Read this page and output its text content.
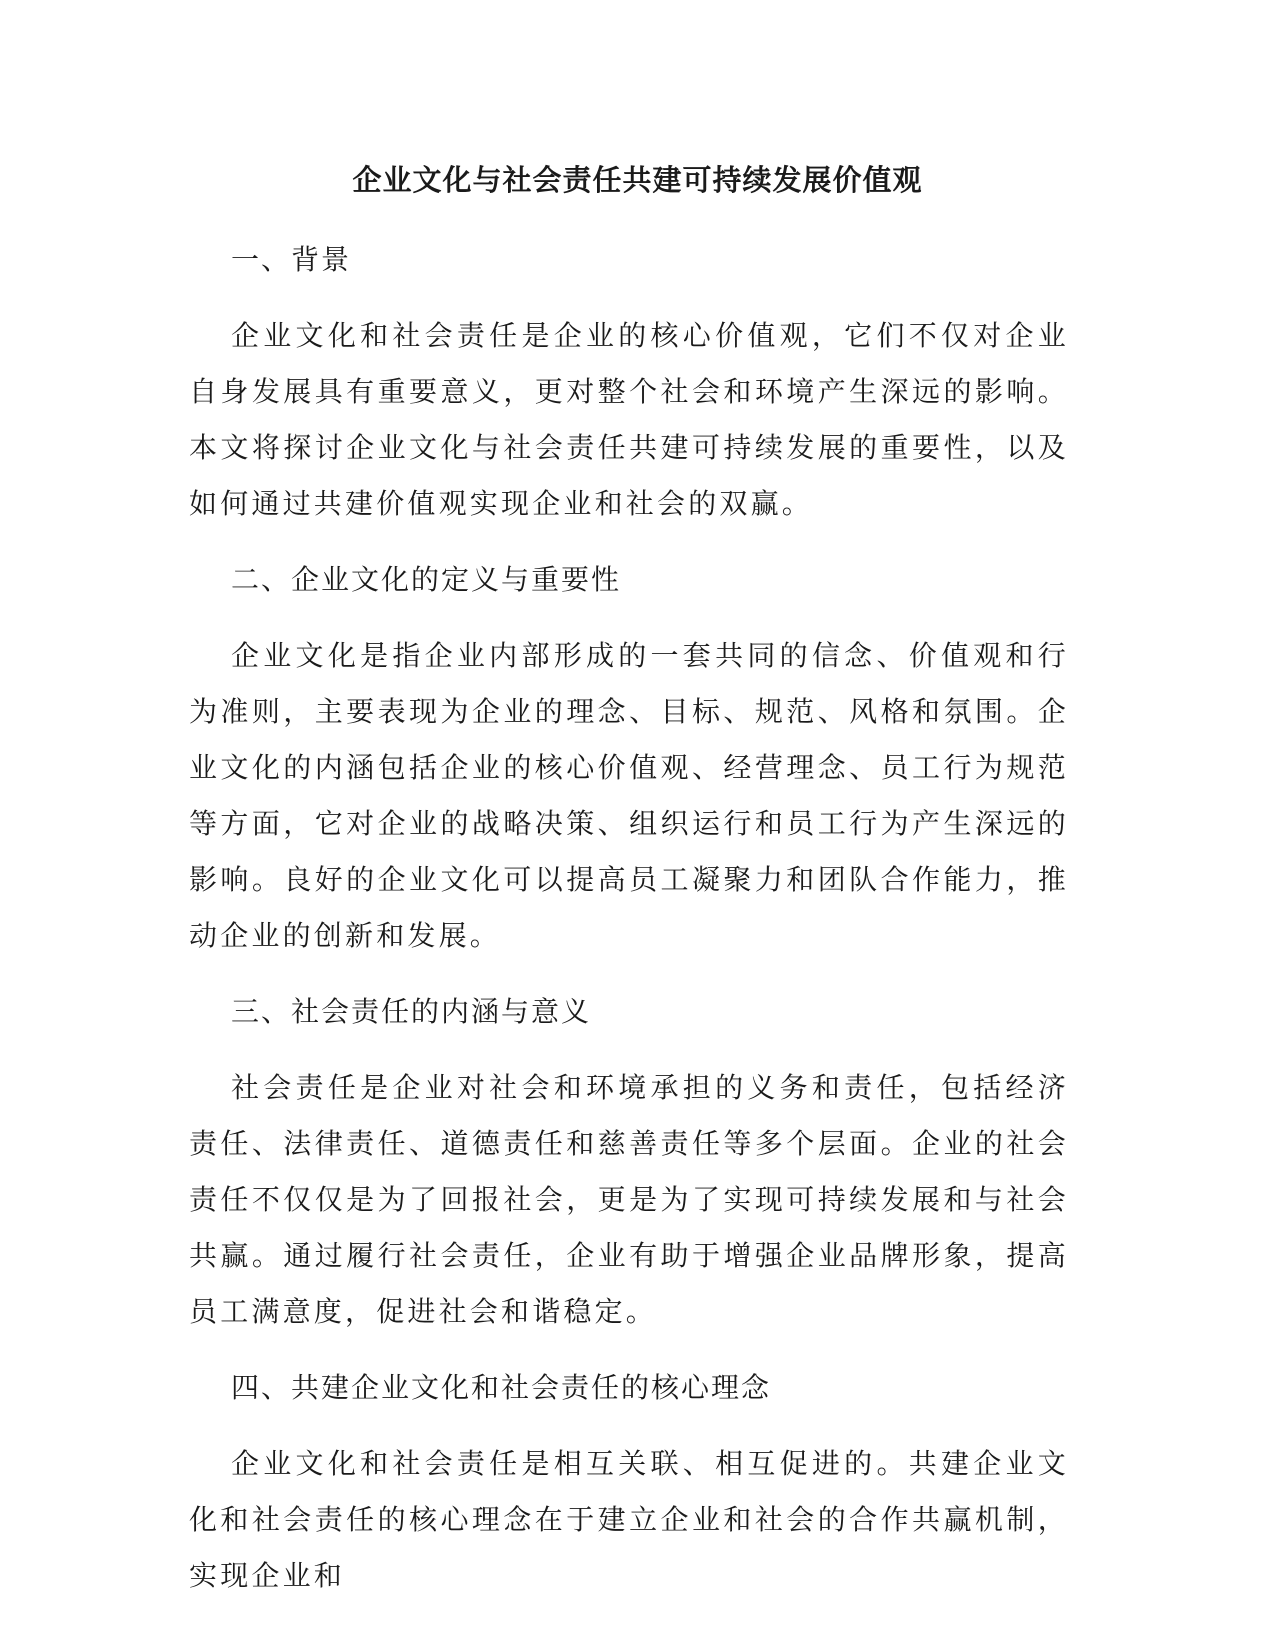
企业文化与社会责任共建可持续发展价值观
一、背景

企业文化和社会责任是企业的核心价值观，它们不仅对企业自身发展具有重要意义，更对整个社会和环境产生深远的影响。本文将探讨企业文化与社会责任共建可持续发展的重要性，以及如何通过共建价值观实现企业和社会的双赢。

二、企业文化的定义与重要性

企业文化是指企业内部形成的一套共同的信念、价值观和行为准则，主要表现为企业的理念、目标、规范、风格和氛围。企业文化的内涵包括企业的核心价值观、经营理念、员工行为规范等方面，它对企业的战略决策、组织运行和员工行为产生深远的影响。良好的企业文化可以提高员工凝聚力和团队合作能力，推动企业的创新和发展。

三、社会责任的内涵与意义

社会责任是企业对社会和环境承担的义务和责任，包括经济责任、法律责任、道德责任和慈善责任等多个层面。企业的社会责任不仅仅是为了回报社会，更是为了实现可持续发展和与社会共赢。通过履行社会责任，企业有助于增强企业品牌形象，提高员工满意度，促进社会和谐稳定。

四、共建企业文化和社会责任的核心理念

企业文化和社会责任是相互关联、相互促进的。共建企业文化和社会责任的核心理念在于建立企业和社会的合作共赢机制，实现企业和
